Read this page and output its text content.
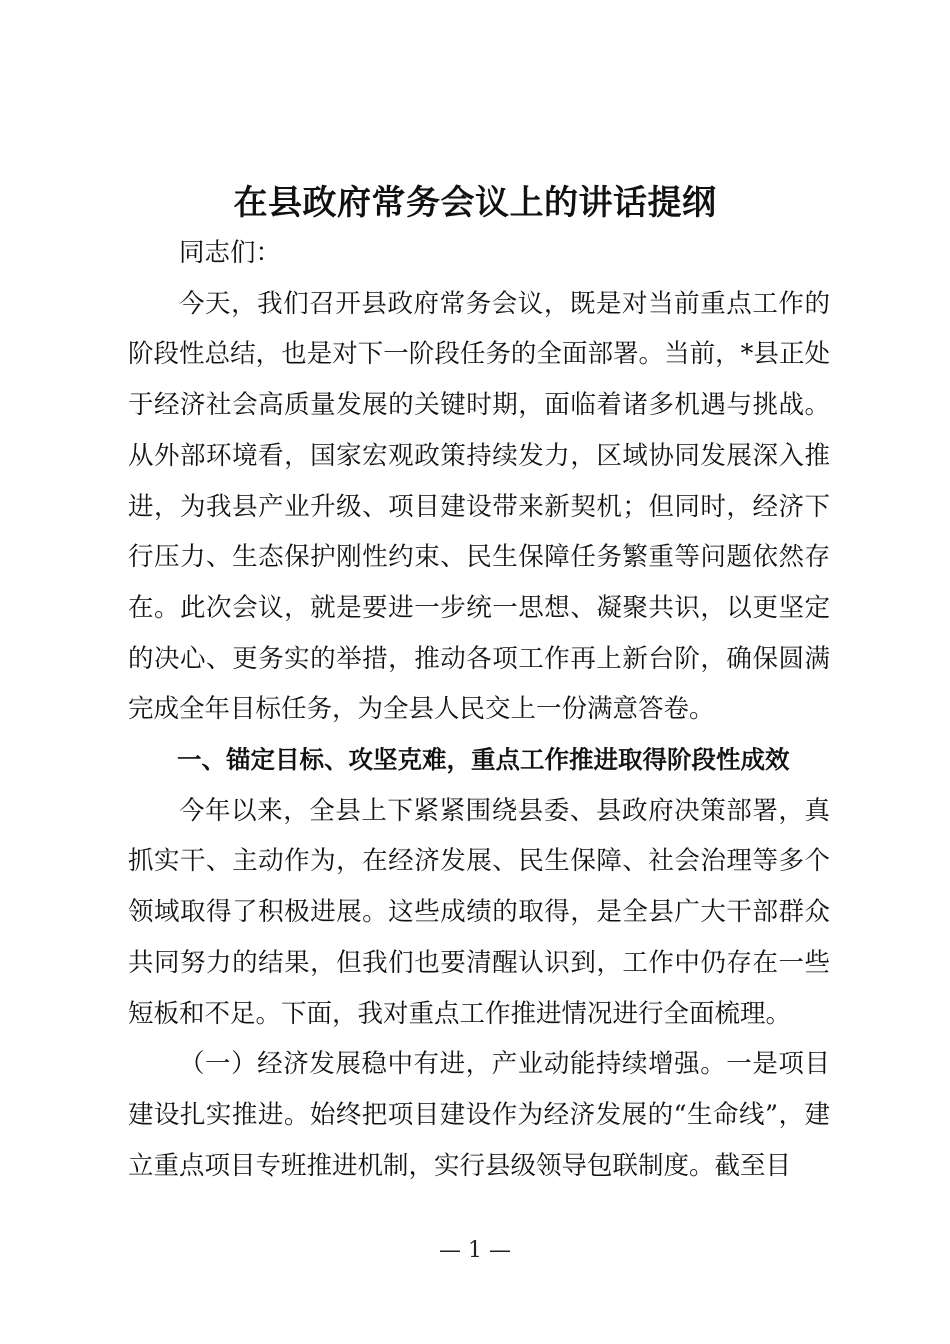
在县政府常务会议上的讲话提纲

同志们：

今天，我们召开县政府常务会议，既是对当前重点工作的阶段性总结，也是对下一阶段任务的全面部署。当前，*县正处于经济社会高质量发展的关键时期，面临着诸多机遇与挑战。从外部环境看，国家宏观政策持续发力，区域协同发展深入推进，为我县产业升级、项目建设带来新契机；但同时，经济下行压力、生态保护刚性约束、民生保障任务繁重等问题依然存在。此次会议，就是要进一步统一思想、凝聚共识，以更坚定的决心、更务实的举措，推动各项工作再上新台阶，确保圆满完成全年目标任务，为全县人民交上一份满意答卷。

一、锚定目标、攻坚克难，重点工作推进取得阶段性成效

今年以来，全县上下紧紧围绕县委、县政府决策部署，真抓实干、主动作为，在经济发展、民生保障、社会治理等多个领域取得了积极进展。这些成绩的取得，是全县广大干部群众共同努力的结果，但我们也要清醒认识到，工作中仍存在一些短板和不足。下面，我对重点工作推进情况进行全面梳理。

（一）经济发展稳中有进，产业动能持续增强。一是项目建设扎实推进。始终把项目建设作为经济发展的“生命线”，建立重点项目专班推进机制，实行县级领导包联制度。截至目

— 1 —
